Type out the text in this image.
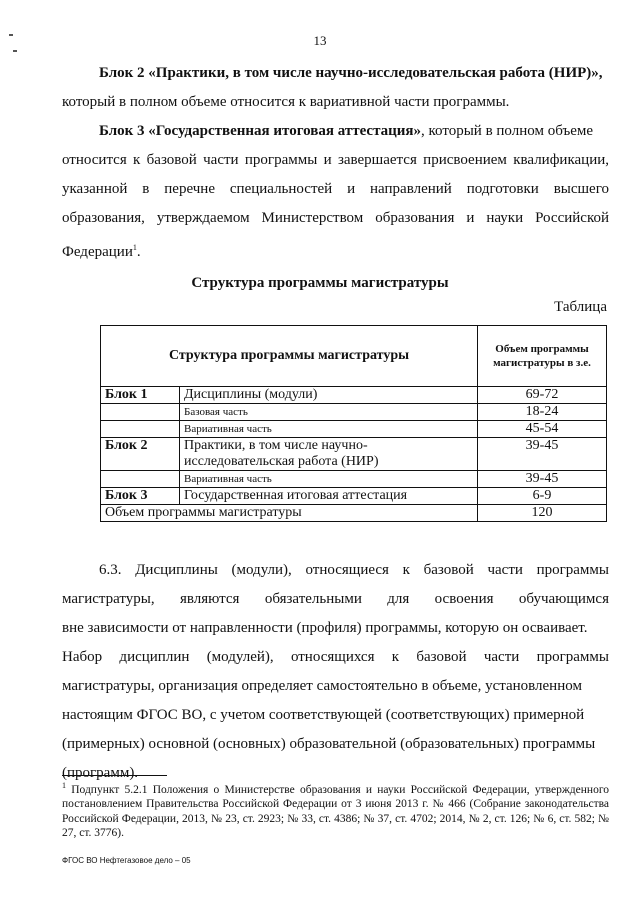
13
Блок 2 «Практики, в том числе научно-исследовательская работа (НИР)»,
который в полном объеме относится к вариативной части программы.
Блок 3 «Государственная итоговая аттестация», который в полном объеме
относится к базовой части программы и завершается присвоением квалификации,
указанной в перечне специальностей и направлений подготовки высшего
образования, утверждаемом Министерством образования и науки Российской
Федерации$^1$.
Структура программы магистратуры
Таблица
Структура программы магистратуры		Объем программы магистратуры в з.е.
Блок 1	Дисциплины (модули)	69-72
	Базовая часть	18-24
	Вариативная часть	45-54
Блок 2	Практики, в том числе научно-исследовательская работа (НИР)	39-45
	Вариативная часть	39-45
Блок 3	Государственная итоговая аттестация	6-9
Объем программы магистратуры		120
6.3. Дисциплины (модули), относящиеся к базовой части программы
магистратуры, являются обязательными для освоения обучающимся
вне зависимости от направленности (профиля) программы, которую он осваивает.
Набор дисциплин (модулей), относящихся к базовой части программы
магистратуры, организация определяет самостоятельно в объеме, установленном
настоящим ФГОС ВО, с учетом соответствующей (соответствующих) примерной
(примерных) основной (основных) образовательной (образовательных) программы
(программ).
$^1$ Подпункт 5.2.1 Положения о Министерстве образования и науки Российской Федерации, утвержденного постановлением Правительства Российской Федерации от 3 июня 2013 г. № 466 (Собрание законодательства Российской Федерации, 2013, № 23, ст. 2923; № 33, ст. 4386; № 37, ст. 4702; 2014, № 2, ст. 126; № 6, ст. 582; № 27, ст. 3776).
ФГОС ВО Нефтегазовое дело – 05
